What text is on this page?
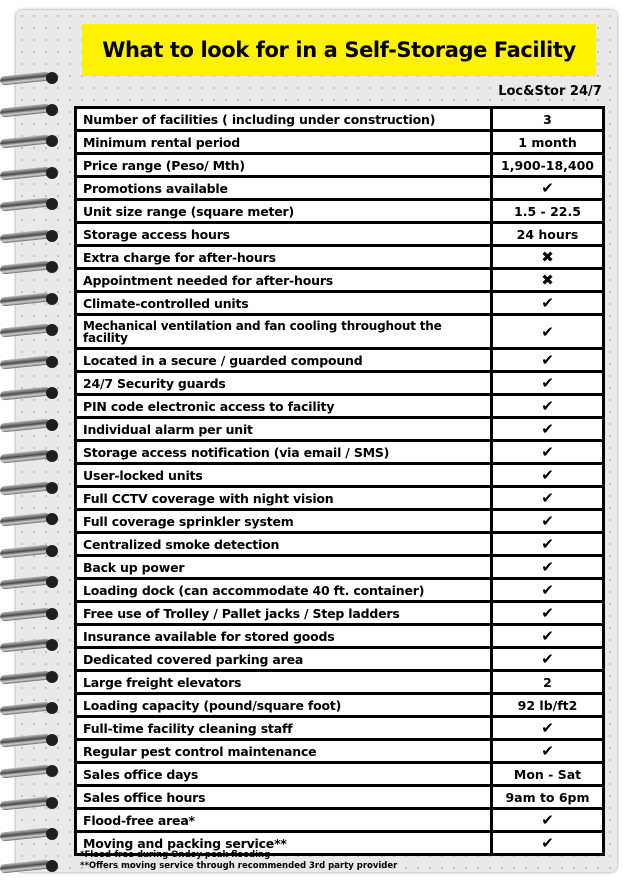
What to look for in a Self-Storage Facility
Loc&Stor 24/7
Number of facilities ( including under construction)	3
Minimum rental period	1 month
Price range (Peso/ Mth)	1,900-18,400
Promotions available	✔
Unit size range (square meter)	1.5 - 22.5
Storage access hours	24 hours
Extra charge for after-hours	✖
Appointment needed for after-hours	✖
Climate-controlled units	✔
Mechanical ventilation and fan cooling throughout the facility	✔
Located in a secure / guarded compound	✔
24/7 Security guards	✔
PIN code electronic access to facility	✔
Individual alarm per unit	✔
Storage access notification (via email / SMS)	✔
User-locked units	✔
Full CCTV coverage with night vision	✔
Full coverage sprinkler system	✔
Centralized smoke detection	✔
Back up power	✔
Loading dock (can accommodate 40 ft. container)	✔
Free use of Trolley / Pallet jacks / Step ladders	✔
Insurance available for stored goods	✔
Dedicated covered parking area	✔
Large freight elevators	2
Loading capacity (pound/square foot)	92 lb/ft2
Full-time facility cleaning staff	✔
Regular pest control maintenance	✔
Sales office days	Mon - Sat
Sales office hours	9am to 6pm
Flood-free area*	✔
Moving and packing service**	✔
*Flood-free during Ondoy peak flooding
**Offers moving service through recommended 3rd party provider
